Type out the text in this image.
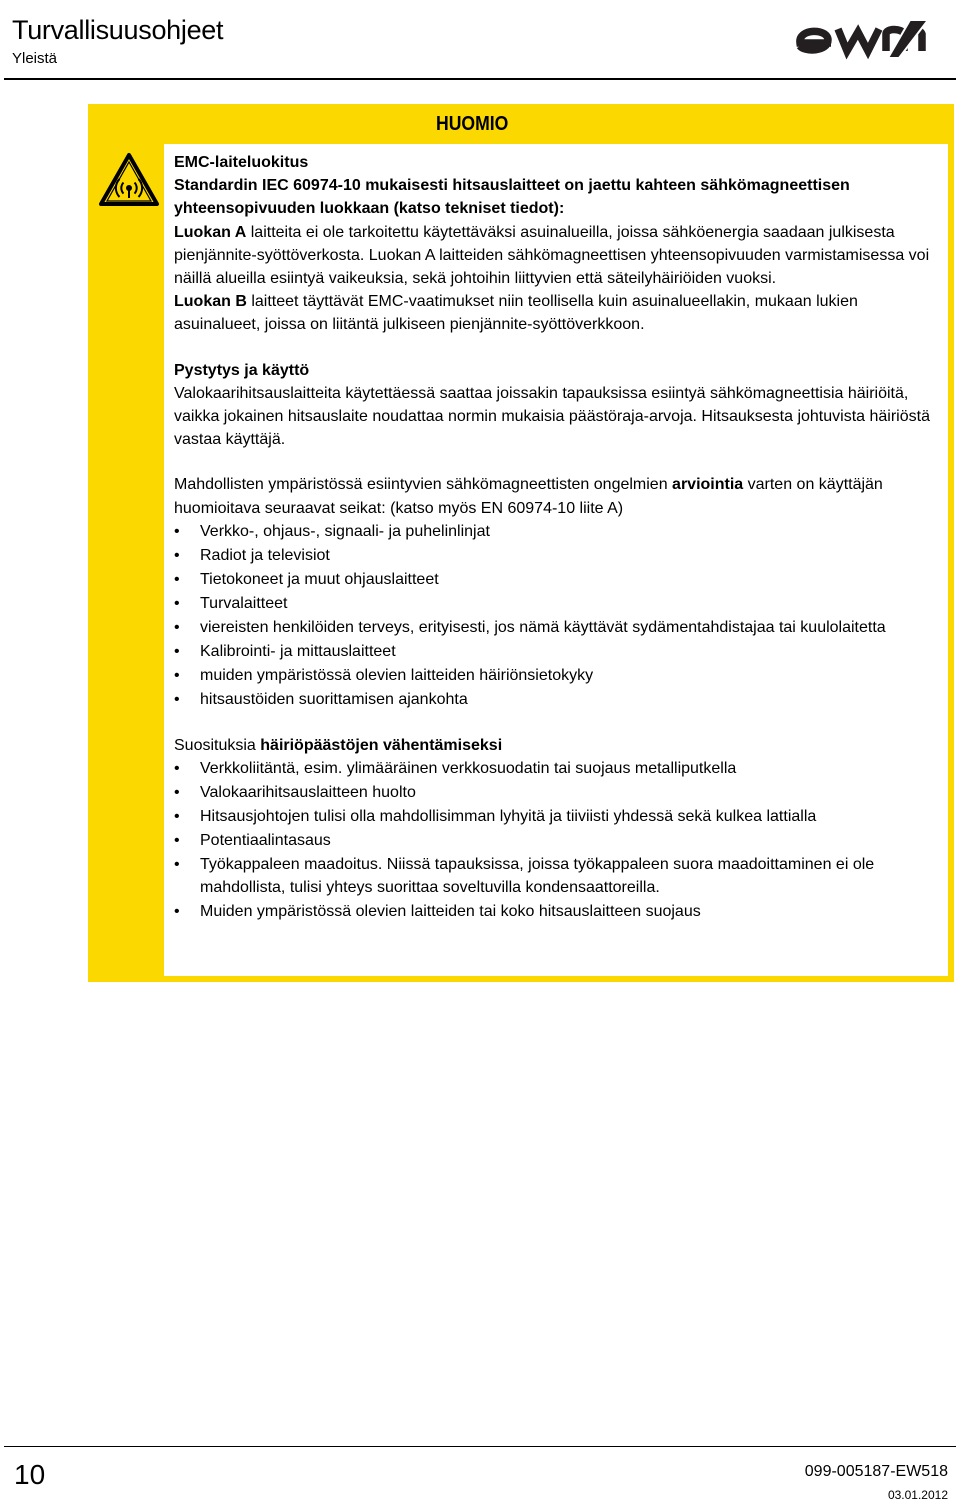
Turvallisuusohjeet
Yleistä
HUOMIO

EMC-laiteluokitus

Standardin IEC 60974-10 mukaisesti hitsauslaitteet on jaettu kahteen sähkömagneettisen yhteensopivuuden luokkaan (katso tekniset tiedot):

Luokan A laitteita ei ole tarkoitettu käytettäväksi asuinalueilla, joissa sähköenergia saadaan julkisesta pienjännite-syöttöverkosta. Luokan A laitteiden sähkömagneettisen yhteensopivuuden varmistamisessa voi näillä alueilla esiintyä vaikeuksia, sekä johtoihin liittyvien että säteilyhäiriöiden vuoksi.

Luokan B laitteet täyttävät EMC-vaatimukset niin teollisella kuin asuinalueellakin, mukaan lukien asuinalueet, joissa on liitäntä julkiseen pienjännite-syöttöverkkoon.

Pystytys ja käyttö

Valokaarihitsauslaitteita käytettäessä saattaa joissakin tapauksissa esiintyä sähkömagneettisia häiriöitä, vaikka jokainen hitsauslaite noudattaa normin mukaisia päästöraja-arvoja. Hitsauksesta johtuvista häiriöstä vastaa käyttäjä.

Mahdollisten ympäristössä esiintyvien sähkömagneettisten ongelmien arviointia varten on käyttäjän huomioitava seuraavat seikat: (katso myös EN 60974-10 liite A)

• Verkko-, ohjaus-, signaali- ja puhelinlinjat
• Radiot ja televisiot
• Tietokoneet ja muut ohjauslaitteet
• Turvalaitteet
• viereisten henkilöiden terveys, erityisesti, jos nämä käyttävät sydämentahdistajaa tai kuulolaitetta
• Kalibrointi- ja mittauslaitteet
• muiden ympäristössä olevien laitteiden häiriönsietokyky
• hitsaustöiden suorittamisen ajankohta

Suosituksia häiriöpäästöjen vähentämiseksi

• Verkkoliitäntä, esim. ylimääräinen verkkosuodatin tai suojaus metalliputkella
• Valokaarihitsauslaitteen huolto
• Hitsausjohtojen tulisi olla mahdollisimman lyhyitä ja tiiviisti yhdessä sekä kulkea lattialla
• Potentiaalintasaus
• Työkappaleen maadoitus. Niissä tapauksissa, joissa työkappaleen suora maadoittaminen ei ole mahdollista, tulisi yhteys suorittaa soveltuvilla kondensaattoreilla.
• Muiden ympäristössä olevien laitteiden tai koko hitsauslaitteen suojaus
10	099-005187-EW518
03.01.2012
